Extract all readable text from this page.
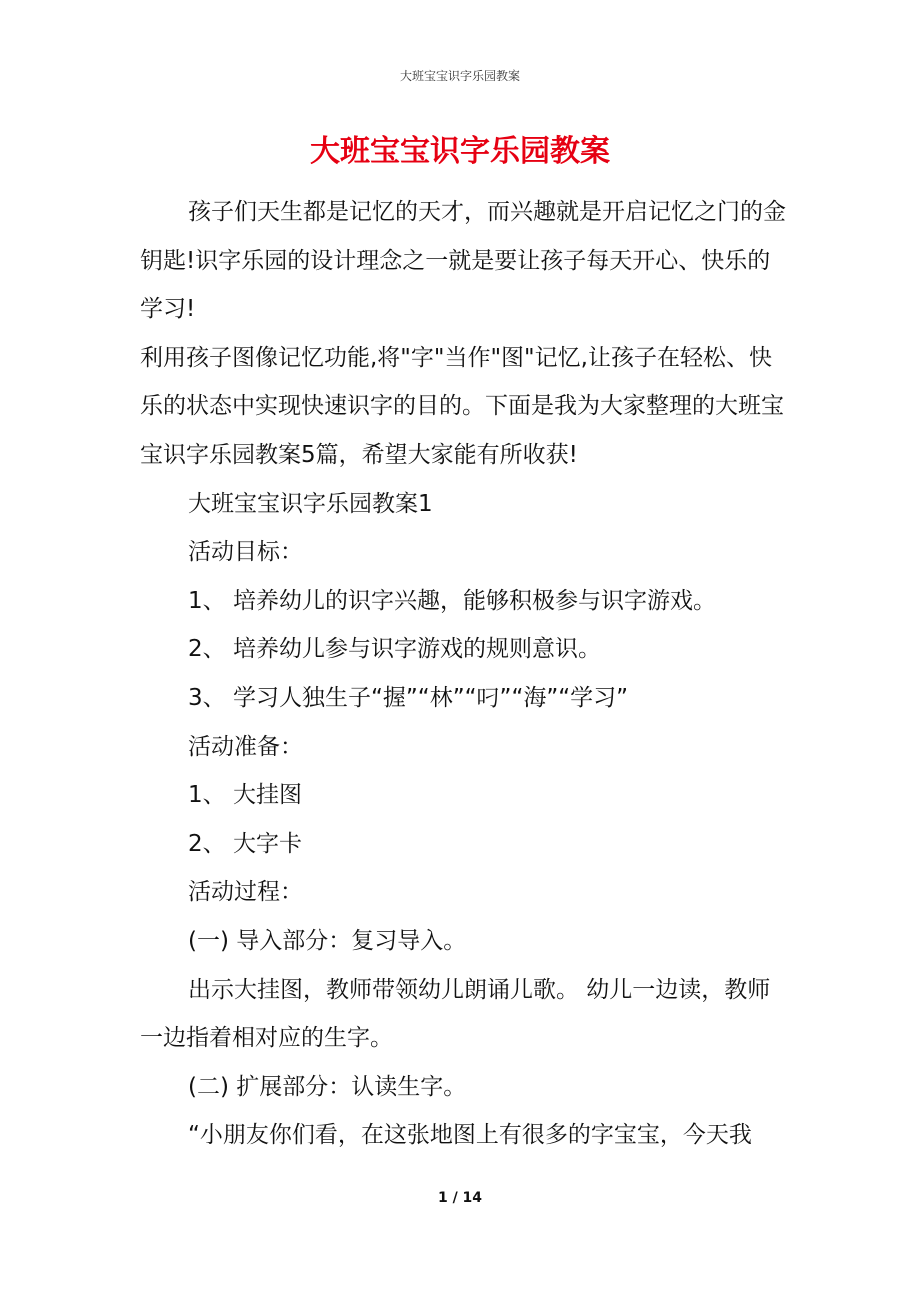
大班宝宝识字乐园教案
大班宝宝识字乐园教案

孩子们天生都是记忆的天才，而兴趣就是开启记忆之门的金钥匙!识字乐园的设计理念之一就是要让孩子每天开心、快乐的学习!

利用孩子图像记忆功能,将"字"当作"图"记忆,让孩子在轻松、快乐的状态中实现快速识字的目的。下面是我为大家整理的大班宝宝识字乐园教案5篇，希望大家能有所收获!

大班宝宝识字乐园教案1

活动目标：

1、 培养幼儿的识字兴趣，能够积极参与识字游戏。

2、 培养幼儿参与识字游戏的规则意识。

3、 学习人独生子“握”“林”“叼”“海”“学习”

活动准备：

1、 大挂图

2、 大字卡

活动过程：

(一) 导入部分：复习导入。

出示大挂图，教师带领幼儿朗诵儿歌。 幼儿一边读，教师一边指着相对应的生字。

(二) 扩展部分：认读生字。

“小朋友你们看，在这张地图上有很多的字宝宝，今天我

1 / 14
